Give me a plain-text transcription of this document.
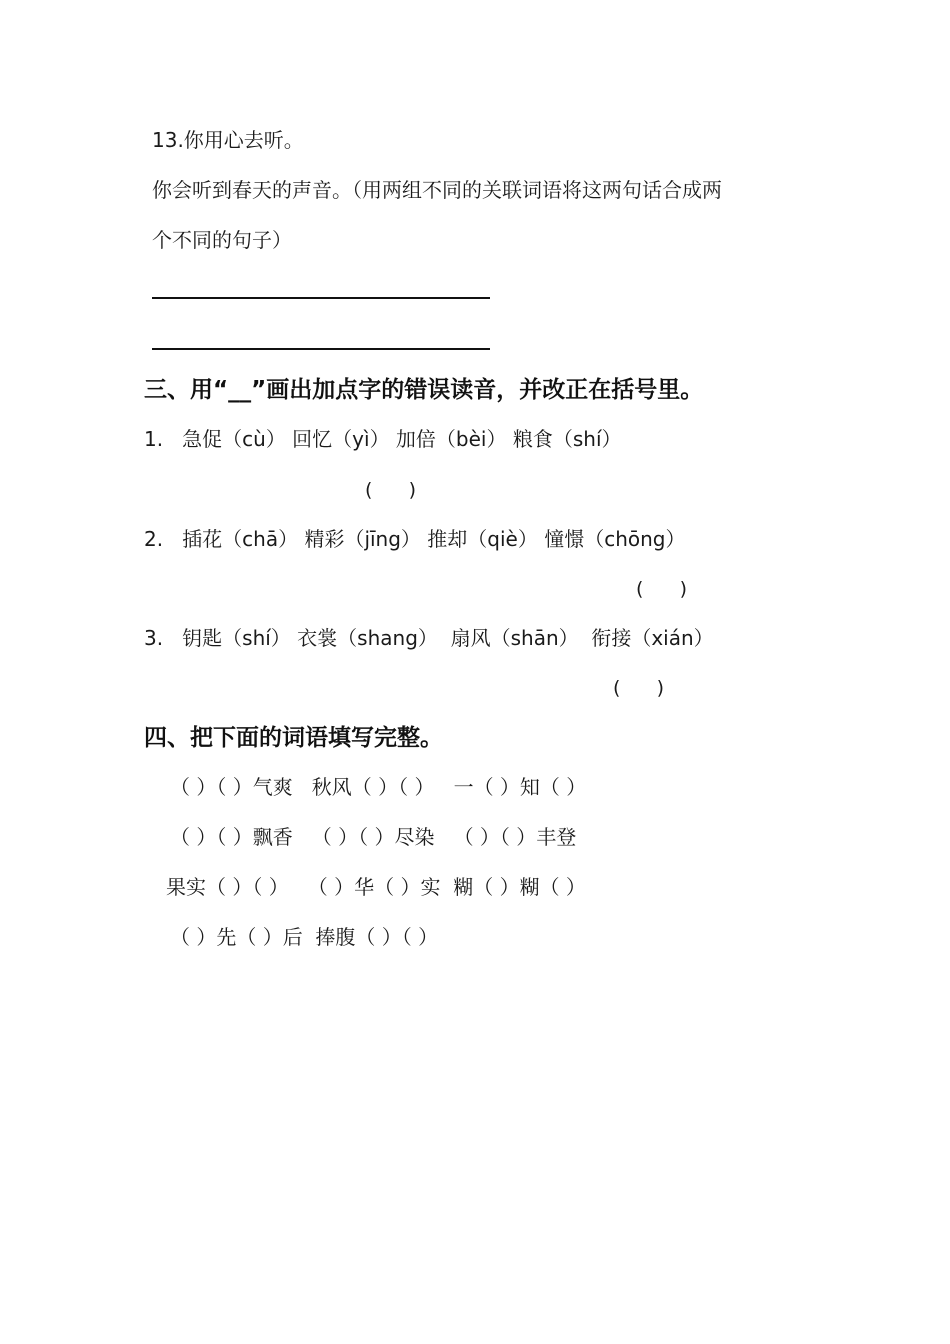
13.你用心去听。
你会听到春天的声音。（用两组不同的关联词语将这两句话合成两
个不同的句子）
三、用“__”画出加点字的错误读音，并改正在括号里。
1.   急促（cù） 回忆（yì） 加倍（bèi） 粮食（shí）
(      )
2.   插花（chā） 精彩（jīng） 推却（qiè） 憧憬（chōng）
(      )
3.   钥匙（shí） 衣裳（shang）  扇风（shān）  衔接（xián）
(      )
四、把下面的词语填写完整。
（ ）（ ）气爽   秋风（ ）（ ）   一（ ）知（ ）
（ ）（ ）飘香   （ ）（ ）尽染   （ ）（ ）丰登
果实（ ）（ ）   （ ）华（ ）实  糊（ ）糊（ ）
（ ）先（ ）后  捧腹（ ）（ ）
